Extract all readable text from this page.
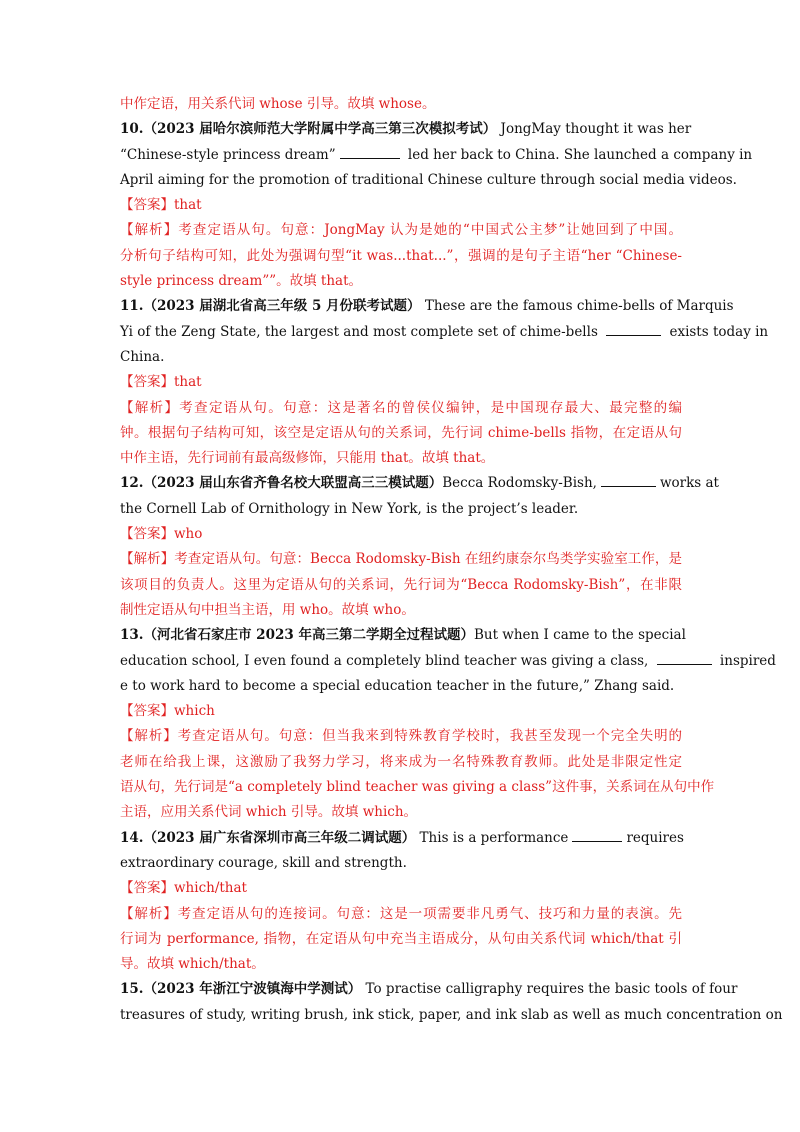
中作定语，用关系代词 whose 引导。故填 whose。
10.（2023 届哈尔滨师范大学附属中学高三第三次模拟考试） JongMay thought it was her
“Chinese-style princess dream”	led her back to China. She launched a company in
April aiming for the promotion of traditional Chinese culture through social media videos.
【答案】that
【解析】考查定语从句。句意：JongMay 认为是她的“中国式公主梦”让她回到了中国。
分析句子结构可知，此处为强调句型“it was...that...”，强调的是句子主语“her “Chinese-
style princess dream””。故填 that。
11.（2023 届湖北省高三年级 5 月份联考试题） These are the famous chime-bells of Marquis
Yi of the Zeng State, the largest and most complete set of chime-bells	exists today in
China.
【答案】that
【解析】考查定语从句。句意：这是著名的曾侯仪编钟，是中国现存最大、最完整的编
钟。根据句子结构可知，该空是定语从句的关系词，先行词 chime-bells 指物，在定语从句
中作主语，先行词前有最高级修饰，只能用 that。故填 that。
12.（2023 届山东省齐鲁名校大联盟高三三模试题）Becca Rodomsky-Bish,	works at
the Cornell Lab of Ornithology in New York, is the project’s leader.
【答案】who
【解析】考查定语从句。句意：Becca Rodomsky-Bish 在纽约康奈尔鸟类学实验室工作，是
该项目的负责人。这里为定语从句的关系词，先行词为“Becca Rodomsky-Bish”，在非限
制性定语从句中担当主语，用 who。故填 who。
13.（河北省石家庄市 2023 年高三第二学期全过程试题）But when I came to the special
education school, I even found a completely blind teacher was giving a class,	inspired
e to work hard to become a special education teacher in the future,” Zhang said.
【答案】which
【解析】考查定语从句。句意：但当我来到特殊教育学校时，我甚至发现一个完全失明的
老师在给我上课，这激励了我努力学习，将来成为一名特殊教育教师。此处是非限定性定
语从句，先行词是“a completely blind teacher was giving a class”这件事，关系词在从句中作
主语，应用关系代词 which 引导。故填 which。
14.（2023 届广东省深圳市高三年级二调试题） This is a performance	requires
extraordinary courage, skill and strength.
【答案】which/that
【解析】考查定语从句的连接词。句意：这是一项需要非凡勇气、技巧和力量的表演。先
行词为 performance, 指物，在定语从句中充当主语成分，从句由关系代词 which/that 引
导。故填 which/that。
15.（2023 年浙江宁波镇海中学测试） To practise calligraphy requires the basic tools of four
treasures of study, writing brush, ink stick, paper, and ink slab as well as much concentration on
